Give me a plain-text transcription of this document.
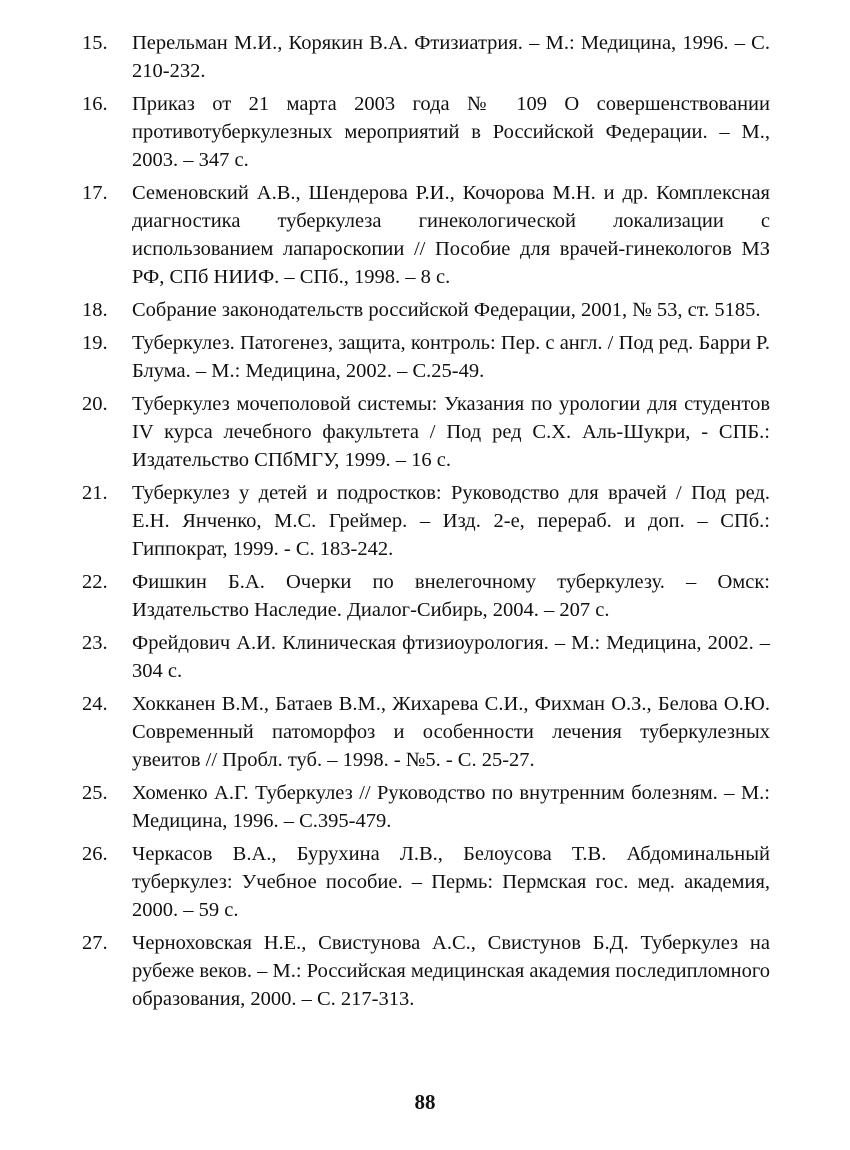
15.	Перельман М.И., Корякин В.А. Фтизиатрия. – М.: Медицина, 1996. – С. 210-232.
16.	Приказ от 21 марта 2003 года № 109 О совершенствовании противотуберкулезных мероприятий в Российской Федерации. – М., 2003. – 347 с.
17.	Семеновский А.В., Шендерова Р.И., Кочорова М.Н. и др. Комплексная диагностика туберкулеза гинекологической локализации с использованием лапароскопии // Пособие для врачей-гинекологов МЗ РФ, СПб НИИФ. – СПб., 1998. – 8 с.
18.	Собрание законодательств российской Федерации, 2001, № 53, ст. 5185.
19.	Туберкулез. Патогенез, защита, контроль: Пер. с англ. / Под ред. Барри Р. Блума. – М.: Медицина, 2002. – С.25-49.
20.	Туберкулез мочеполовой системы: Указания по урологии для студентов IV курса лечебного факультета / Под ред С.Х. Аль-Шукри, - СПБ.: Издательство СПбМГУ, 1999. – 16 с.
21.	Туберкулез у детей и подростков: Руководство для врачей / Под ред. Е.Н. Янченко, М.С. Греймер. – Изд. 2-е, перераб. и доп. – СПб.: Гиппократ, 1999. - С. 183-242.
22.	Фишкин Б.А. Очерки по внелегочному туберкулезу. – Омск: Издательство Наследие. Диалог-Сибирь, 2004. – 207 с.
23.	Фрейдович А.И. Клиническая фтизиоурология. – М.: Медицина, 2002. – 304 с.
24.	Хокканен В.М., Батаев В.М., Жихарева С.И., Фихман О.З., Белова О.Ю. Современный патоморфоз и особенности лечения туберкулезных увеитов // Пробл. туб. – 1998. - №5. - С. 25-27.
25.	Хоменко А.Г. Туберкулез // Руководство по внутренним болезням. – М.: Медицина, 1996. – С.395-479.
26.	Черкасов В.А., Бурухина Л.В., Белоусова Т.В. Абдоминальный туберкулез: Учебное пособие. – Пермь: Пермская гос. мед. академия, 2000. – 59 с.
27.	Черноховская Н.Е., Свистунова А.С., Свистунов Б.Д. Туберкулез на рубеже веков. – М.: Российская медицинская академия последипломного образования, 2000. – С. 217-313.
88
